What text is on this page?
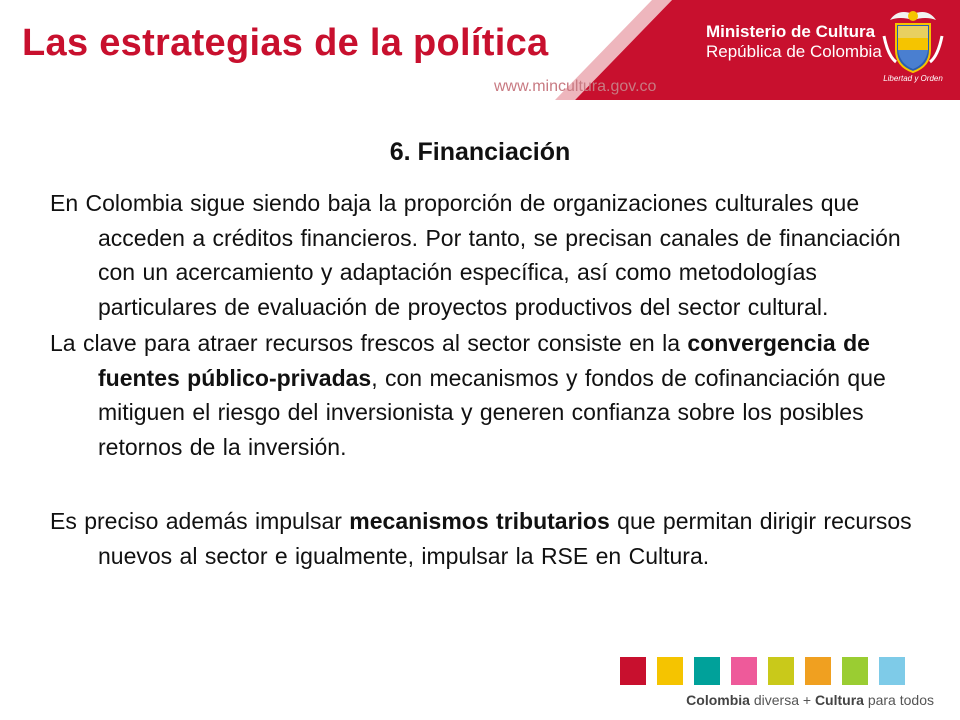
Las estrategias de la política
www.mincultura.gov.co
Ministerio de Cultura
República de Colombia
Libertad y Orden
6. Financiación

En Colombia sigue siendo baja la proporción de organizaciones culturales que acceden a créditos financieros. Por tanto, se precisan canales de financiación con un acercamiento y adaptación específica, así como metodologías particulares de evaluación de proyectos productivos del sector cultural.

La clave para atraer recursos frescos al sector consiste en la convergencia de fuentes público-privadas, con mecanismos y fondos de cofinanciación que mitiguen el riesgo del inversionista y generen confianza sobre los posibles retornos de la inversión.

Es preciso además impulsar mecanismos tributarios que permitan dirigir recursos nuevos al sector e igualmente, impulsar la RSE en Cultura.

Colombia diversa + Cultura para todos
